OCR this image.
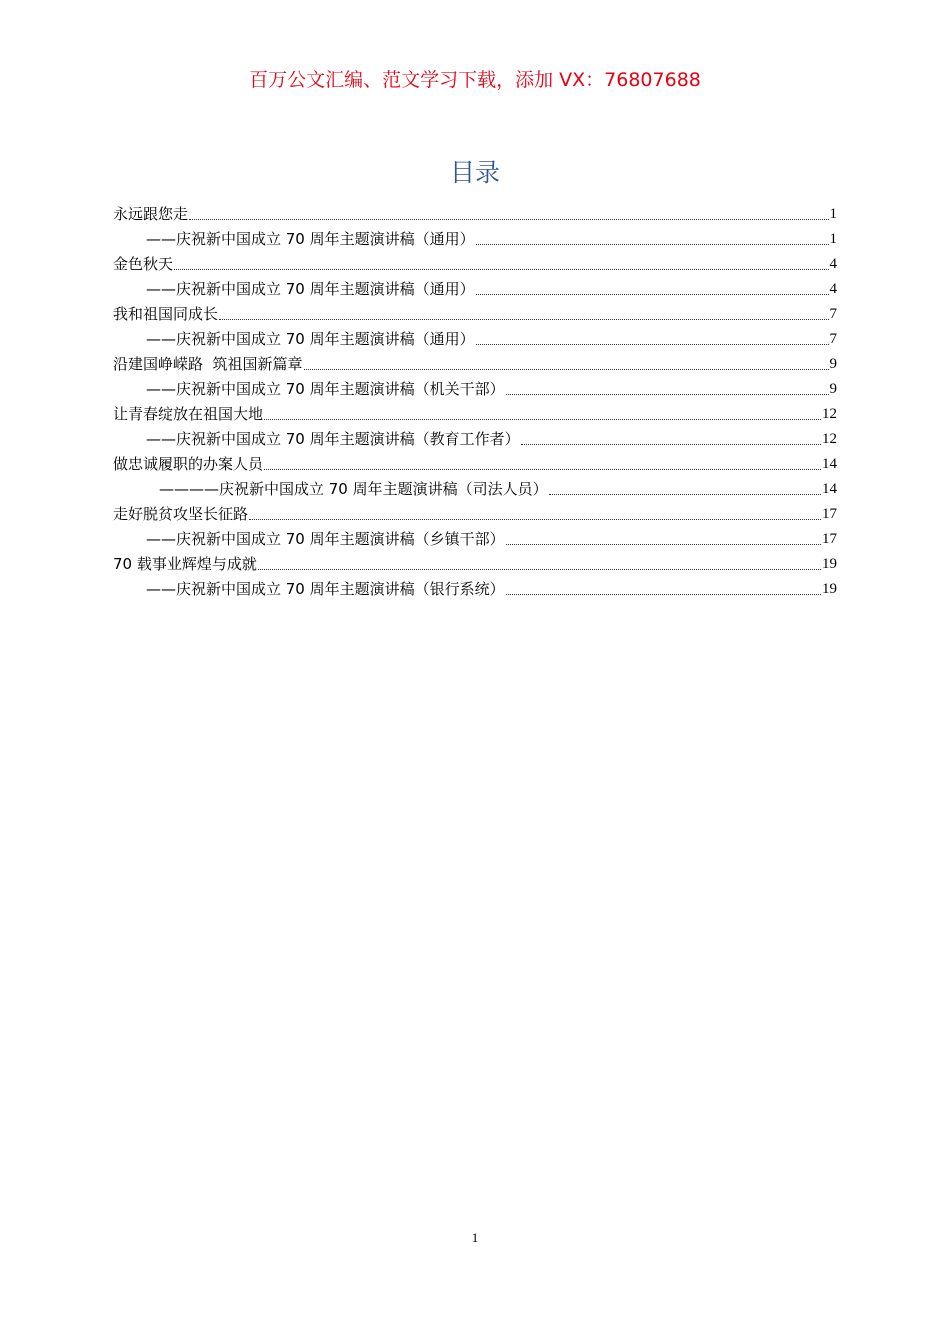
百万公文汇编、范文学习下载，添加 VX：76807688
目录
永远跟您走	1
——庆祝新中国成立 70 周年主题演讲稿（通用）	1
金色秋天	4
——庆祝新中国成立 70 周年主题演讲稿（通用）	4
我和祖国同成长	7
——庆祝新中国成立 70 周年主题演讲稿（通用）	7
沿建国峥嵘路  筑祖国新篇章	9
——庆祝新中国成立 70 周年主题演讲稿（机关干部）	9
让青春绽放在祖国大地	12
——庆祝新中国成立 70 周年主题演讲稿（教育工作者）	12
做忠诚履职的办案人员	14
————庆祝新中国成立 70 周年主题演讲稿（司法人员）	14
走好脱贫攻坚长征路	17
——庆祝新中国成立 70 周年主题演讲稿（乡镇干部）	17
70 载事业辉煌与成就	19
——庆祝新中国成立 70 周年主题演讲稿（银行系统）	19
1
